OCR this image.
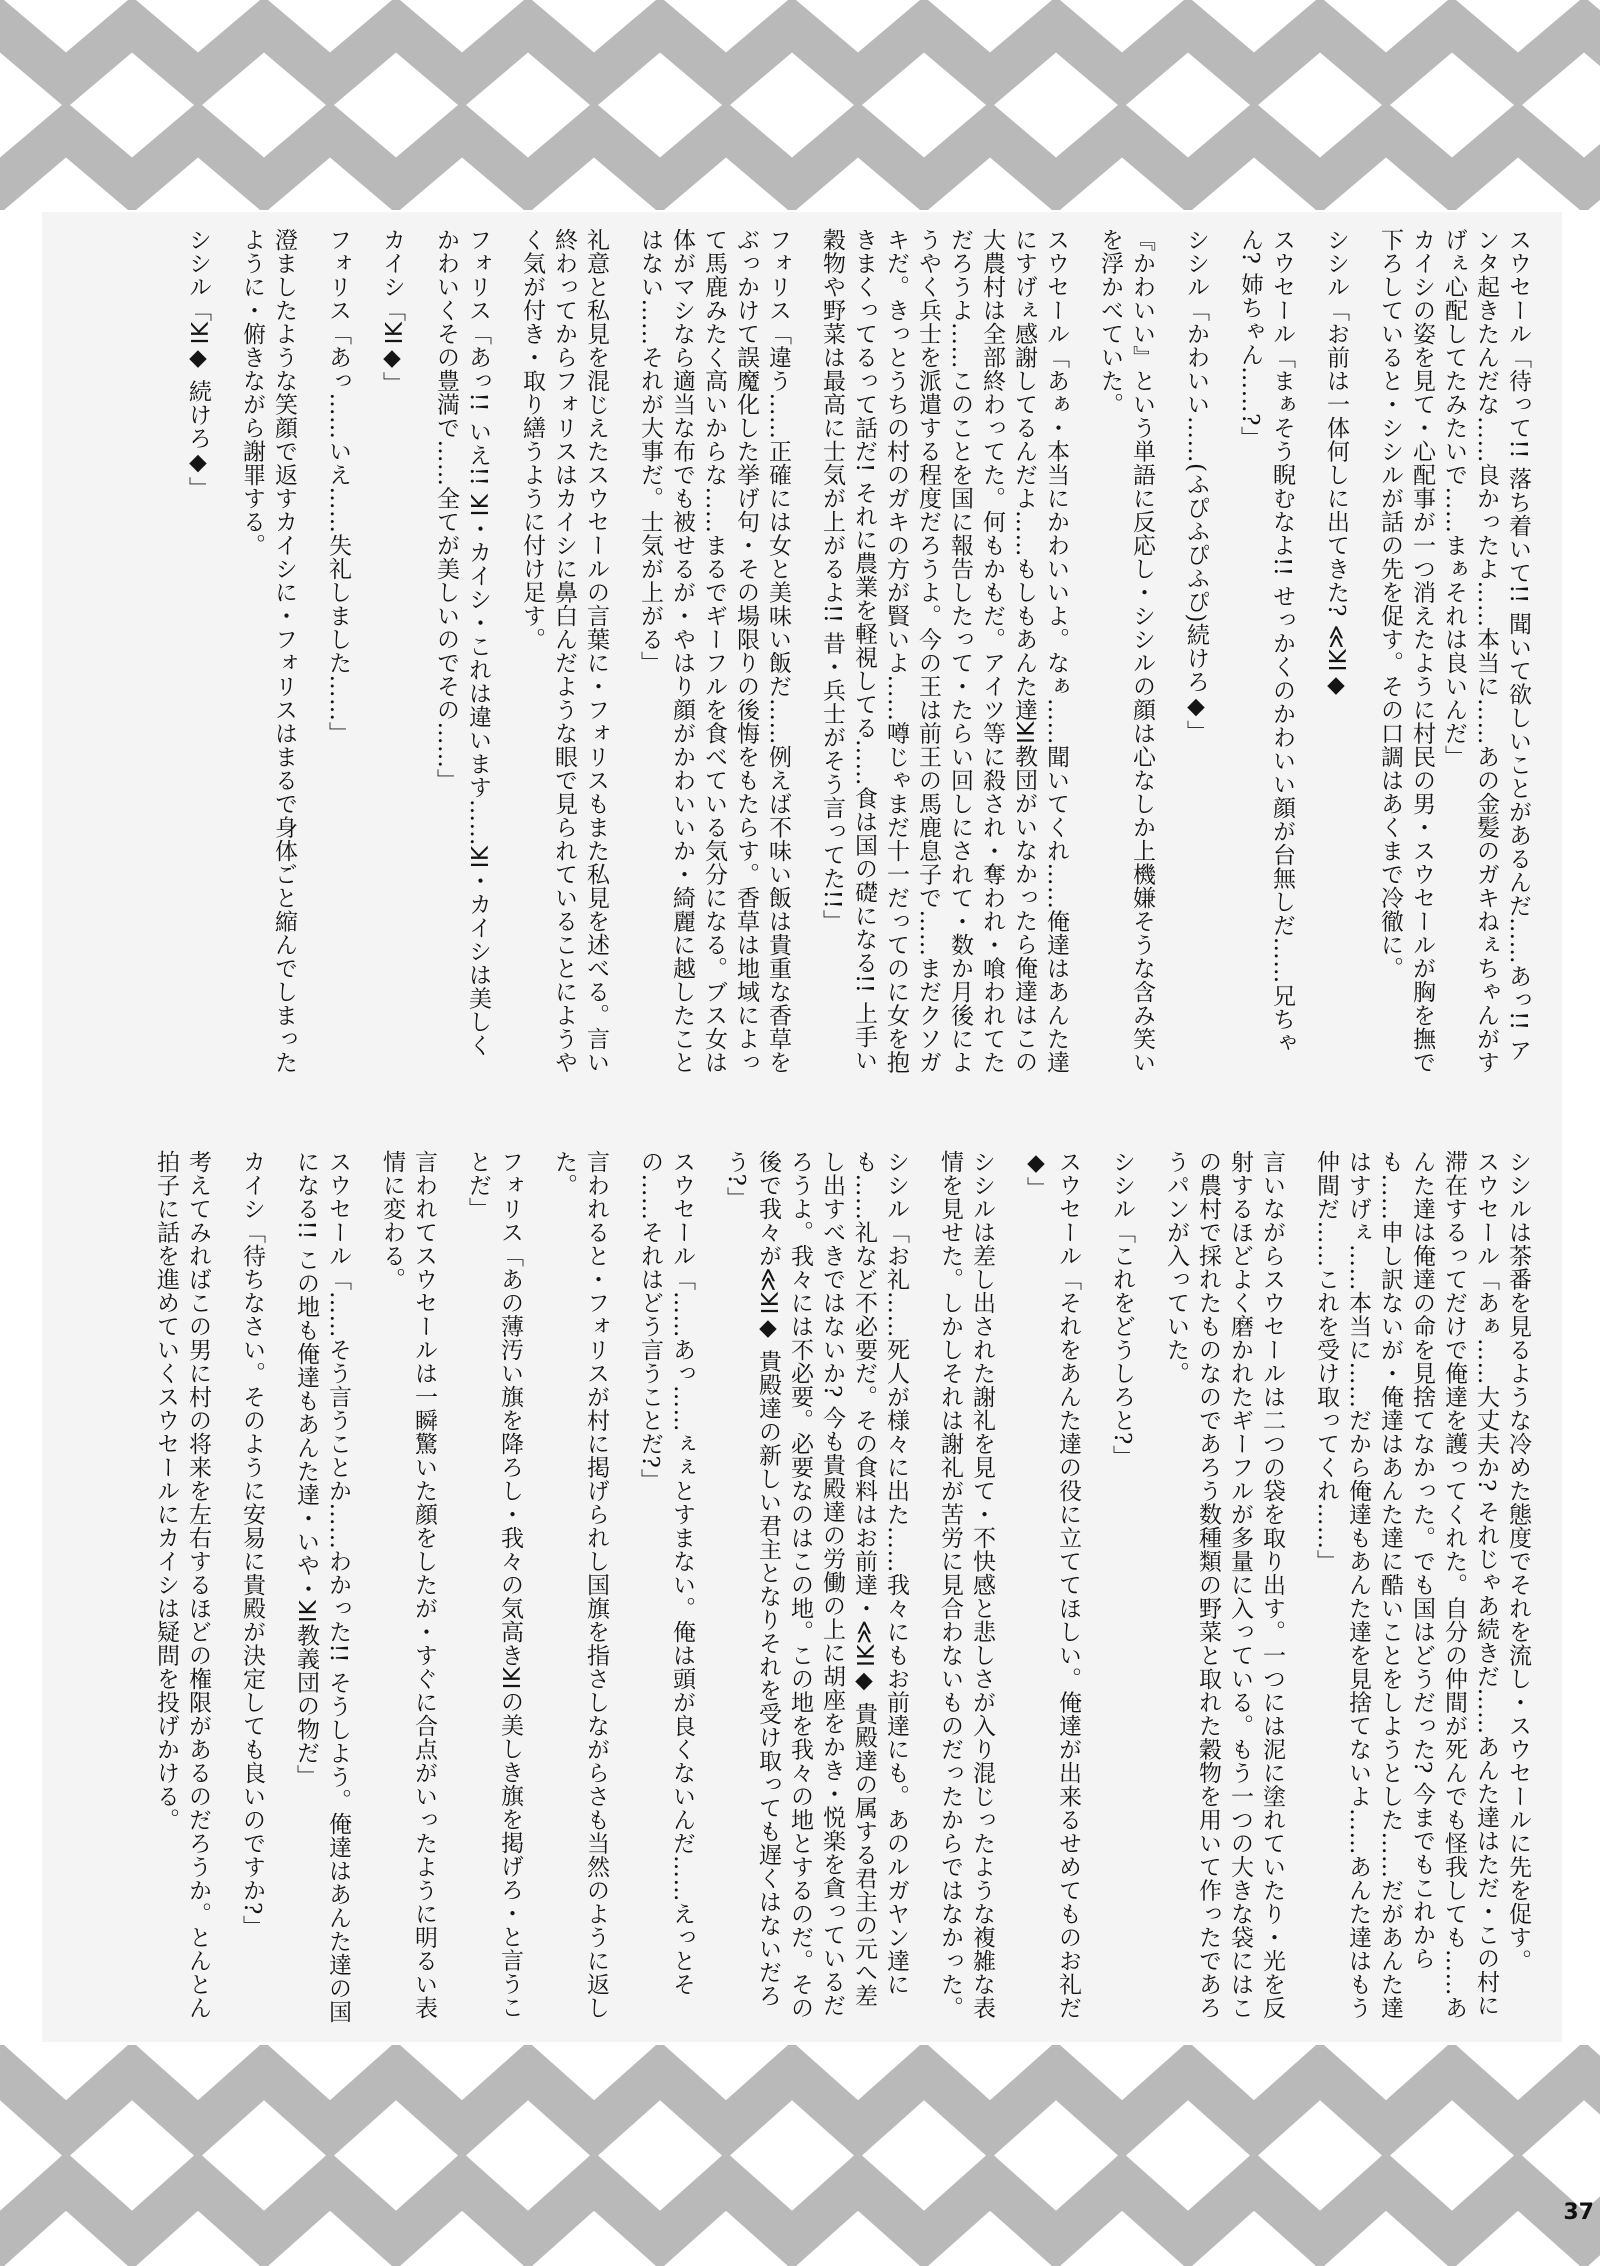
スウセール「待って!! 落ち着いて!! 聞いて欲しいことがあるんだ……あっ!! アンタ起きたんだな……良かったよ……本当に……あの金髪のガキねぇちゃんがすげぇ心配してたみたいで……まぁそれは良いんだ」

カイシの姿を見て・心配事が一つ消えたように村民の男・スウセールが胸を撫で下ろしていると・シシルが話の先を促す。その口調はあくまで冷徹に。

シシル「お前は一体何しに出てきた? ≪ꓘꓲ◆

スウセール「まぁそう睨むなよ!! せっかくのかわいい顔が台無しだ……兄ちゃん? 姉ちゃん……?」

シシル「かわいい……(ふぴふぴふぴ)続けろ◆」

『かわいい』という単語に反応し・シシルの顔は心なしか上機嫌そうな含み笑いを浮かべていた。

スウセール「あぁ・本当にかわいいよ。なぁ……聞いてくれ……俺達はあんた達にすげぇ感謝してるんだよ……もしもあんた達ꓘꓲ教団がいなかったら俺達はこの大農村は全部終わってた。何もかもだ。アイツ等に殺され・奪われ・喰われてただろうよ……このことを国に報告したって・たらい回しにされて・数か月後にようやく兵士を派遣する程度だろうよ。今の王は前王の馬鹿息子で……まだクソガキだ。きっとうちの村のガキの方が賢いよ……噂じゃまだ十一だってのに女を抱きまくってるって話だ! それに農業を軽視してる……食は国の礎になる!! 上手い穀物や野菜は最高に士気が上がるよ!! 昔・兵士がそう言ってた!!」

フォリス「違う……正確には女と美味い飯だ……例えば不味い飯は貴重な香草をぶっかけて誤魔化した挙げ句・その場限りの後悔をもたらす。香草は地域によって馬鹿みたく高いからな……まるでギーフルを食べている気分になる。ブス女は体がマシなら適当な布でも被せるが・やはり顔がかわいいか・綺麗に越したことはない……それが大事だ。士気が上がる」

礼意と私見を混じえたスウセールの言葉に・フォリスもまた私見を述べる。言い終わってからフォリスはカイシに鼻白んだような眼で見られていることにようやく気が付き・取り繕うように付け足す。

フォリス「あっ!! いえ!! ꓘꓲ・カイシ・これは違います……ꓘꓲ・カイシは美しくかわいくその豊満で……全てが美しいのでその……」

カイシ「ꓘꓲ◆」

フォリス「あっ……いえ……失礼しました……」

澄ましたような笑顔で返すカイシに・フォリスはまるで身体ごと縮んでしまったように・俯きながら謝罪する。

シシル「ꓘꓲ◆ 続けろ◆」

シシルは茶番を見るような冷めた態度でそれを流し・スウセールに先を促す。

スウセール「あぁ……大丈夫か? それじゃあ続きだ……あんた達はただ・この村に滞在するってだけで俺達を護ってくれた。自分の仲間が死んでも怪我しても……あんた達は俺達の命を見捨てなかった。でも国はどうだった? 今までもこれからも……申し訳ないが・俺達はあんた達に酷いことをしようとした……だがあんた達はすげぇ……本当に……だから俺達もあんた達を見捨てないよ……あんた達はもう仲間だ……これを受け取ってくれ……」

言いながらスウセールは二つの袋を取り出す。一つには泥に塗れていたり・光を反射するほどよく磨かれたギーフルが多量に入っている。もう一つの大きな袋にはこの農村で採れたものなのであろう数種類の野菜と取れた穀物を用いて作ったであろうパンが入っていた。

シシル「これをどうしろと?」

スウセール「それをあんた達の役に立ててほしい。俺達が出来るせめてものお礼だ◆」

シシルは差し出された謝礼を見て・不快感と悲しさが入り混じったような複雑な表情を見せた。しかしそれは謝礼が苦労に見合わないものだったからではなかった。

シシル「お礼……死人が様々に出た……我々にもお前達にも。あのルガヤン達にも……礼など不必要だ。その食料はお前達・≪ꓘꓲ◆ 貴殿達の属する君主の元へ差し出すべきではないか? 今も貴殿達の労働の上に胡座をかき・悦楽を貪っているだろうよ。我々には不必要。必要なのはこの地。この地を我々の地とするのだ。その後で我々が≪ꓘꓲ◆ 貴殿達の新しい君主となりそれを受け取っても遅くはないだろう?」

スウセール「……あっ……ぇぇとすまない。俺は頭が良くないんだ……えっとその……それはどう言うことだ?」

言われると・フォリスが村に掲げられし国旗を指さしながらさも当然のように返した。

フォリス「あの薄汚い旗を降ろし・我々の気高きꓘꓲの美しき旗を掲げろ・と言うことだ」

言われてスウセールは一瞬驚いた顔をしたが・すぐに合点がいったように明るい表情に変わる。

スウセール「……そう言うことか……わかった!! そうしよう。俺達はあんた達の国になる!! この地も俺達もあんた達・いや・ꓘꓲ教義団の物だ」

カイシ「待ちなさい。そのように安易に貴殿が決定しても良いのですか?」

考えてみればこの男に村の将来を左右するほどの権限があるのだろうか。とんとん拍子に話を進めていくスウセールにカイシは疑問を投げかける。

37
